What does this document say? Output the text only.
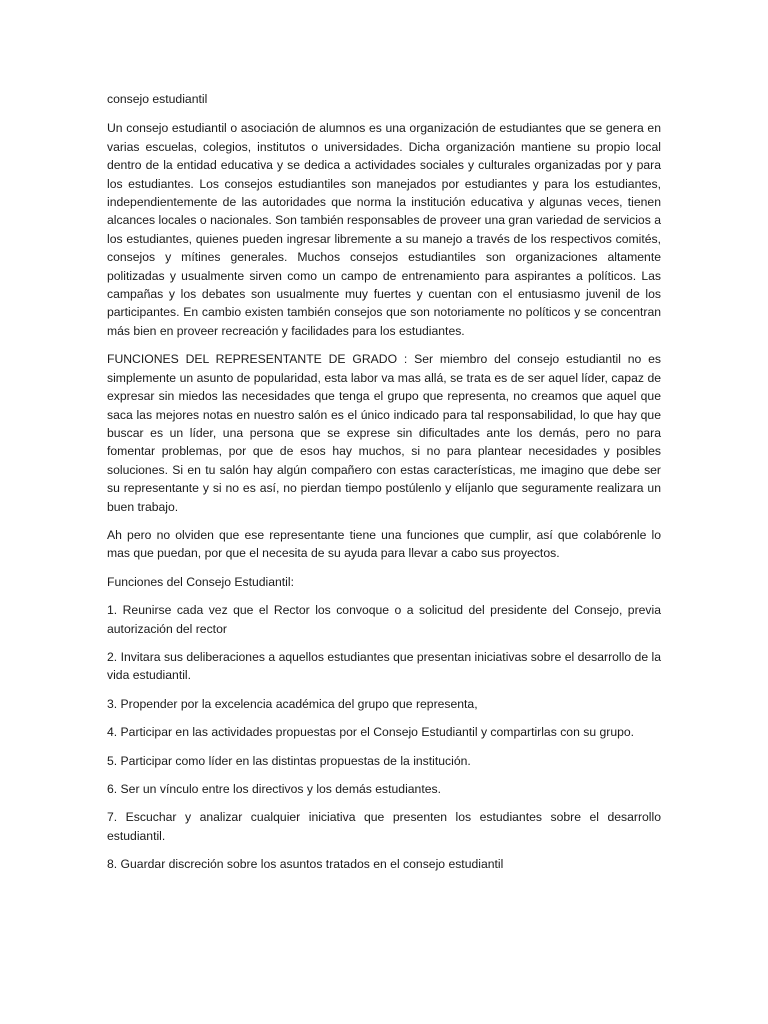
consejo estudiantil

Un consejo estudiantil o asociación de alumnos es una organización de estudiantes que se genera en varias escuelas, colegios, institutos o universidades. Dicha organización mantiene su propio local dentro de la entidad educativa y se dedica a actividades sociales y culturales organizadas por y para los estudiantes. Los consejos estudiantiles son manejados por estudiantes y para los estudiantes, independientemente de las autoridades que norma la institución educativa y algunas veces, tienen alcances locales o nacionales. Son también responsables de proveer una gran variedad de servicios a los estudiantes, quienes pueden ingresar libremente a su manejo a través de los respectivos comités, consejos y mítines generales. Muchos consejos estudiantiles son organizaciones altamente politizadas y usualmente sirven como un campo de entrenamiento para aspirantes a políticos. Las campañas y los debates son usualmente muy fuertes y cuentan con el entusiasmo juvenil de los participantes. En cambio existen también consejos que son notoriamente no políticos y se concentran más bien en proveer recreación y facilidades para los estudiantes.

FUNCIONES DEL REPRESENTANTE DE GRADO : Ser miembro del consejo estudiantil no es simplemente un asunto de popularidad, esta labor va mas allá, se trata es de ser aquel líder, capaz de expresar sin miedos las necesidades que tenga el grupo que representa, no creamos que aquel que saca las mejores notas en nuestro salón es el único indicado para tal responsabilidad, lo que hay que buscar es un líder, una persona que se exprese sin dificultades ante los demás, pero no para fomentar problemas, por que de esos hay muchos, si no para plantear necesidades y posibles soluciones. Si en tu salón hay algún compañero con estas características, me imagino que debe ser su representante y si no es así, no pierdan tiempo postúlenlo y elíjanlo que seguramente realizara un buen trabajo.

Ah pero no olviden que ese representante tiene una funciones que cumplir, así que colabórenle lo mas que puedan, por que el necesita de su ayuda para llevar a cabo sus proyectos.

Funciones del Consejo Estudiantil:

1. Reunirse cada vez que el Rector los convoque o a solicitud del presidente del Consejo, previa autorización del rector
2. Invitara sus deliberaciones a aquellos estudiantes que presentan iniciativas sobre el desarrollo de la vida estudiantil.
3. Propender por la excelencia académica del grupo que representa,
4. Participar en las actividades propuestas por el Consejo Estudiantil y compartirlas con su grupo.
5. Participar como líder en las distintas propuestas de la institución.
6. Ser un vínculo entre los directivos y los demás estudiantes.
7. Escuchar y analizar cualquier iniciativa que presenten los estudiantes sobre el desarrollo estudiantil.
8. Guardar discreción sobre los asuntos tratados en el consejo estudiantil
